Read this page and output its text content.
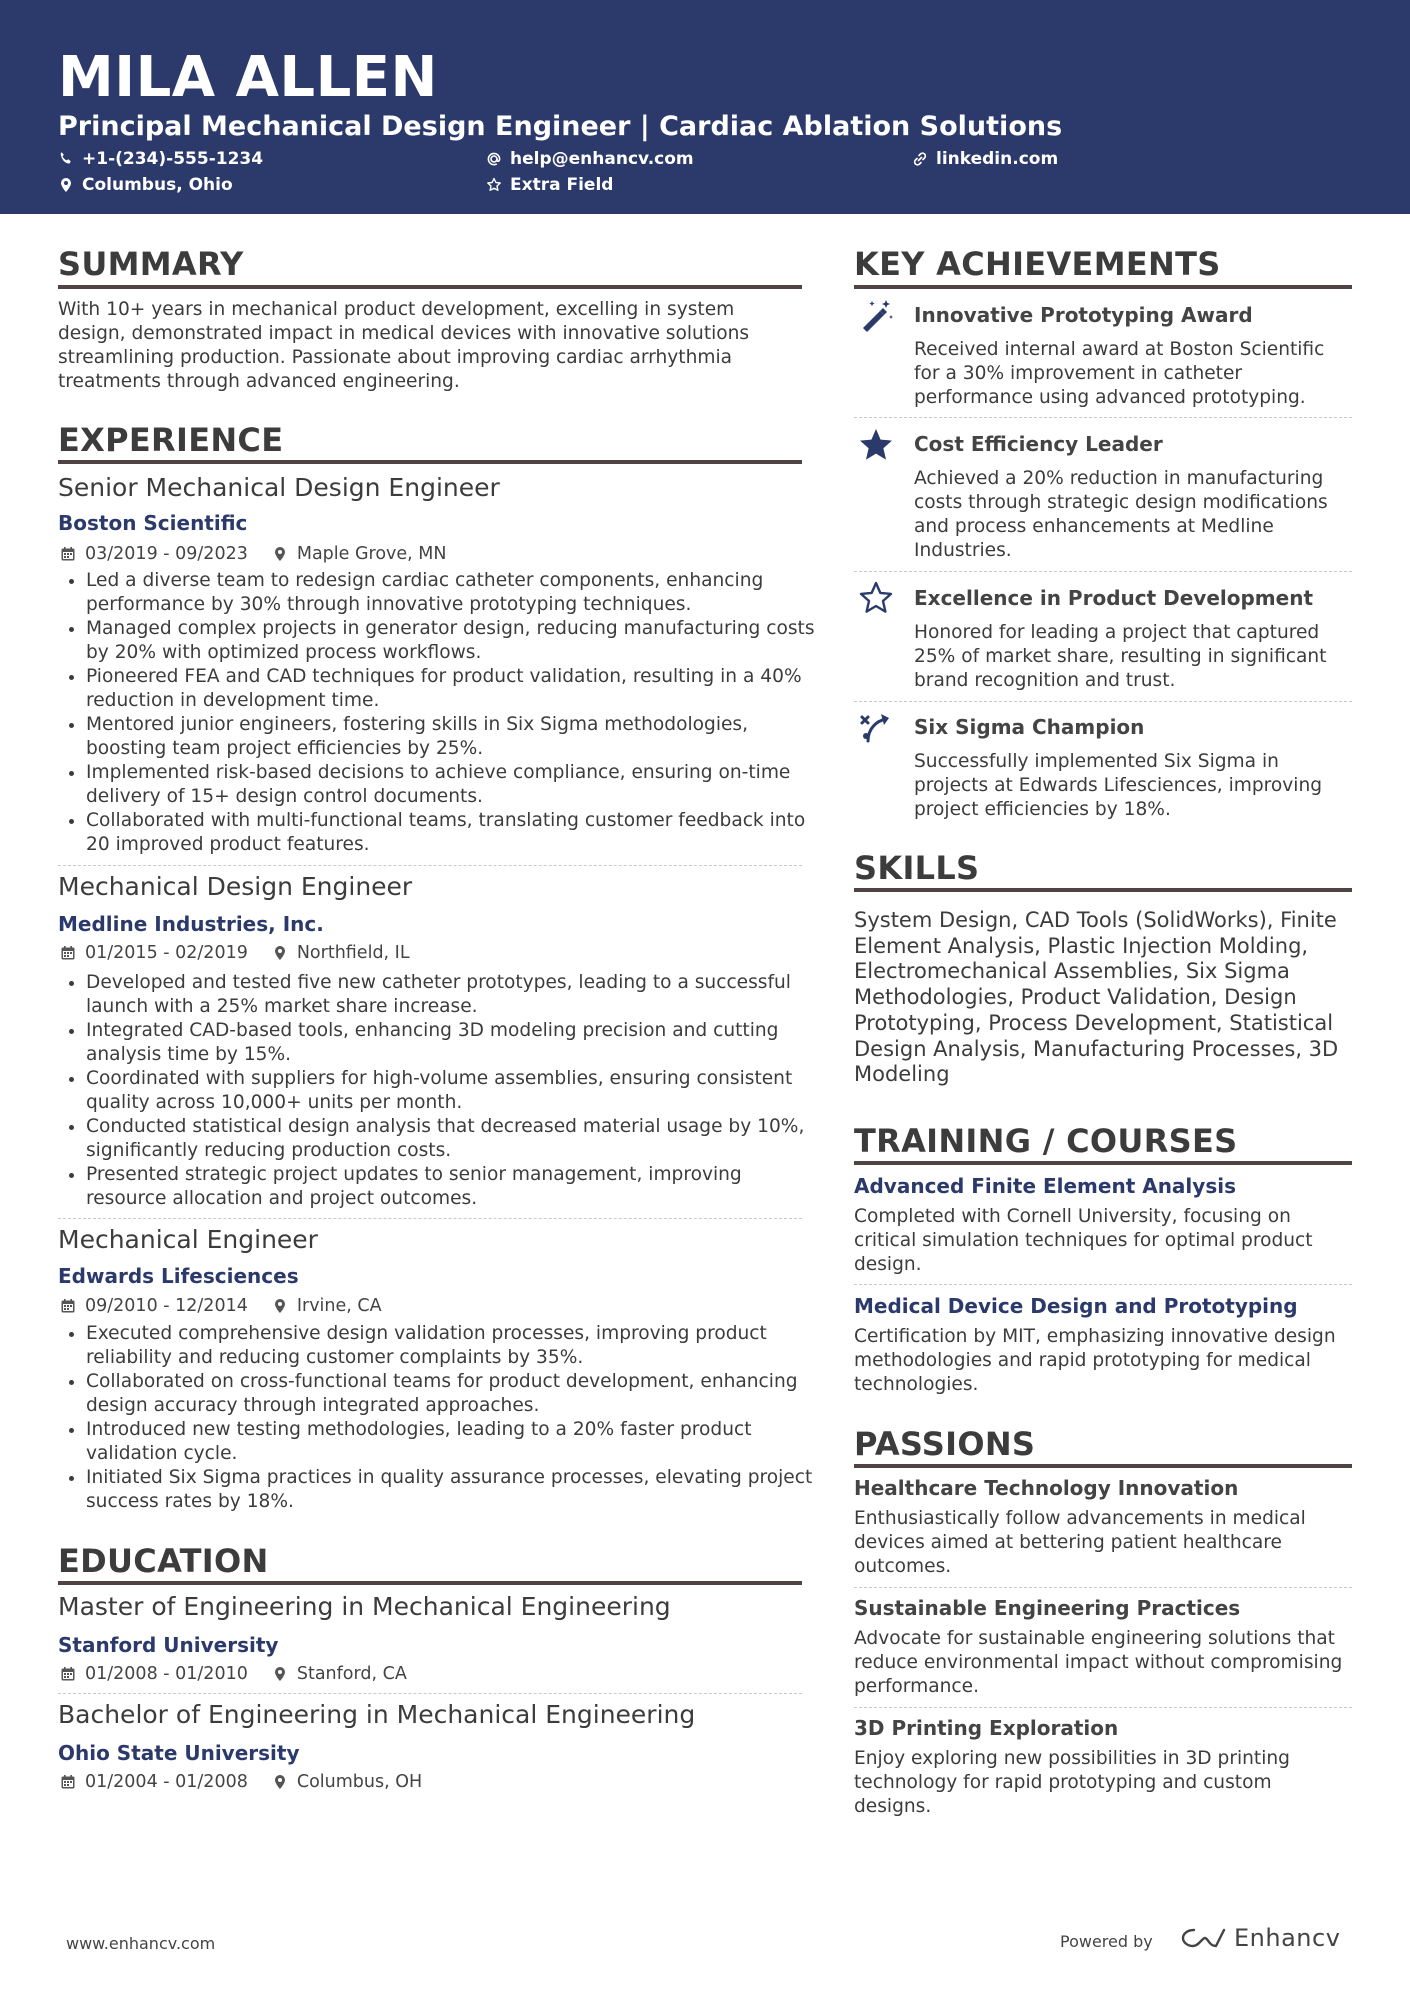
MILA ALLEN

Principal Mechanical Design Engineer | Cardiac Ablation Solutions

+1-(234)-555-1234	help@enhancv.com	linkedin.com
Columbus, Ohio	Extra Field
SUMMARY

With 10+ years in mechanical product development, excelling in system design, demonstrated impact in medical devices with innovative solutions streamlining production. Passionate about improving cardiac arrhythmia treatments through advanced engineering.

EXPERIENCE

Senior Mechanical Design Engineer

Boston Scientific

03/2019 - 09/2023	Maple Grove, MN
• Led a diverse team to redesign cardiac catheter components, enhancing performance by 30% through innovative prototyping techniques.
• Managed complex projects in generator design, reducing manufacturing costs by 20% with optimized process workflows.
• Pioneered FEA and CAD techniques for product validation, resulting in a 40% reduction in development time.
• Mentored junior engineers, fostering skills in Six Sigma methodologies, boosting team project efficiencies by 25%.
• Implemented risk-based decisions to achieve compliance, ensuring on-time delivery of 15+ design control documents.
• Collaborated with multi-functional teams, translating customer feedback into 20 improved product features.

Mechanical Design Engineer

Medline Industries, Inc.

01/2015 - 02/2019	Northfield, IL
• Developed and tested five new catheter prototypes, leading to a successful launch with a 25% market share increase.
• Integrated CAD-based tools, enhancing 3D modeling precision and cutting analysis time by 15%.
• Coordinated with suppliers for high-volume assemblies, ensuring consistent quality across 10,000+ units per month.
• Conducted statistical design analysis that decreased material usage by 10%, significantly reducing production costs.
• Presented strategic project updates to senior management, improving resource allocation and project outcomes.

Mechanical Engineer

Edwards Lifesciences

09/2010 - 12/2014	Irvine, CA
• Executed comprehensive design validation processes, improving product reliability and reducing customer complaints by 35%.
• Collaborated on cross-functional teams for product development, enhancing design accuracy through integrated approaches.
• Introduced new testing methodologies, leading to a 20% faster product validation cycle.
• Initiated Six Sigma practices in quality assurance processes, elevating project success rates by 18%.
EDUCATION

Master of Engineering in Mechanical Engineering

Stanford University

01/2008 - 01/2010	Stanford, CA

Bachelor of Engineering in Mechanical Engineering

Ohio State University

01/2004 - 01/2008	Columbus, OH
KEY ACHIEVEMENTS

Innovative Prototyping Award

Received internal award at Boston Scientific for a 30% improvement in catheter performance using advanced prototyping.

Cost Efficiency Leader

Achieved a 20% reduction in manufacturing costs through strategic design modifications and process enhancements at Medline Industries.

Excellence in Product Development

Honored for leading a project that captured 25% of market share, resulting in significant brand recognition and trust.

Six Sigma Champion

Successfully implemented Six Sigma in projects at Edwards Lifesciences, improving project efficiencies by 18%.

SKILLS

System Design, CAD Tools (SolidWorks), Finite Element Analysis, Plastic Injection Molding, Electromechanical Assemblies, Six Sigma Methodologies, Product Validation, Design Prototyping, Process Development, Statistical Design Analysis, Manufacturing Processes, 3D Modeling

TRAINING / COURSES

Advanced Finite Element Analysis

Completed with Cornell University, focusing on critical simulation techniques for optimal product design.

Medical Device Design and Prototyping

Certification by MIT, emphasizing innovative design methodologies and rapid prototyping for medical technologies.

PASSIONS

Healthcare Technology Innovation

Enthusiastically follow advancements in medical devices aimed at bettering patient healthcare outcomes.

Sustainable Engineering Practices

Advocate for sustainable engineering solutions that reduce environmental impact without compromising performance.

3D Printing Exploration

Enjoy exploring new possibilities in 3D printing technology for rapid prototyping and custom designs.

www.enhancv.com	Powered by	Enhancv
